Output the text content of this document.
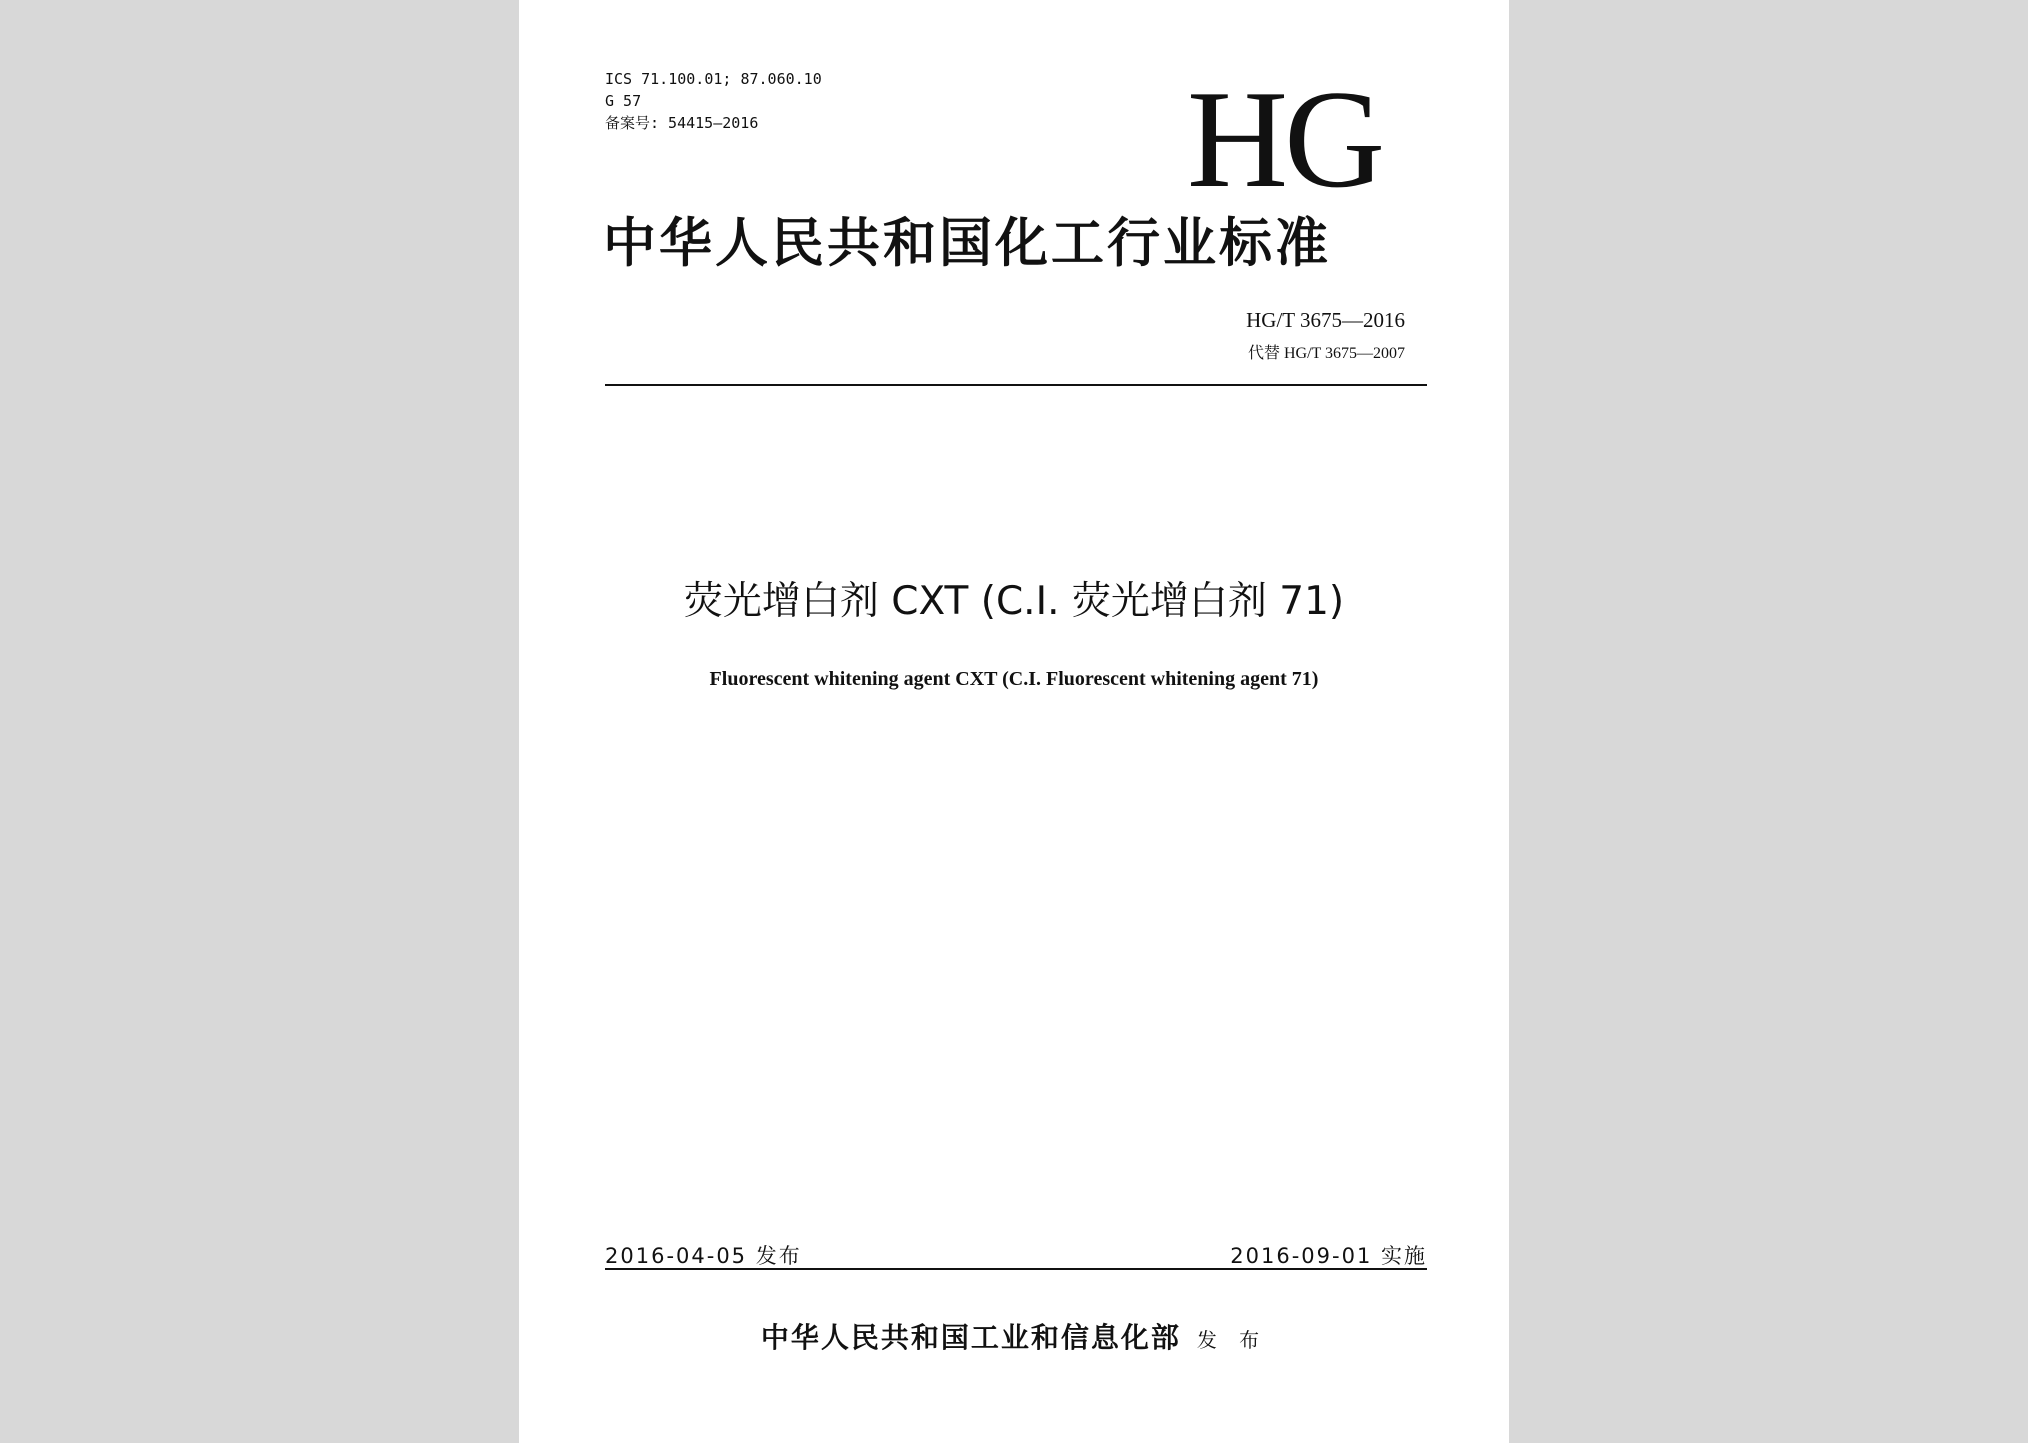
ICS 71.100.01; 87.060.10
G 57
备案号: 54415—2016	HG
中华人民共和国化工行业标准
HG/T 3675—2016
代替 HG/T 3675—2007
荧光增白剂 CXT (C.I. 荧光增白剂 71)
Fluorescent whitening agent CXT (C.I. Fluorescent whitening agent 71)
2016-04-05 发布	2016-09-01 实施
中华人民共和国工业和信息化部 发 布
